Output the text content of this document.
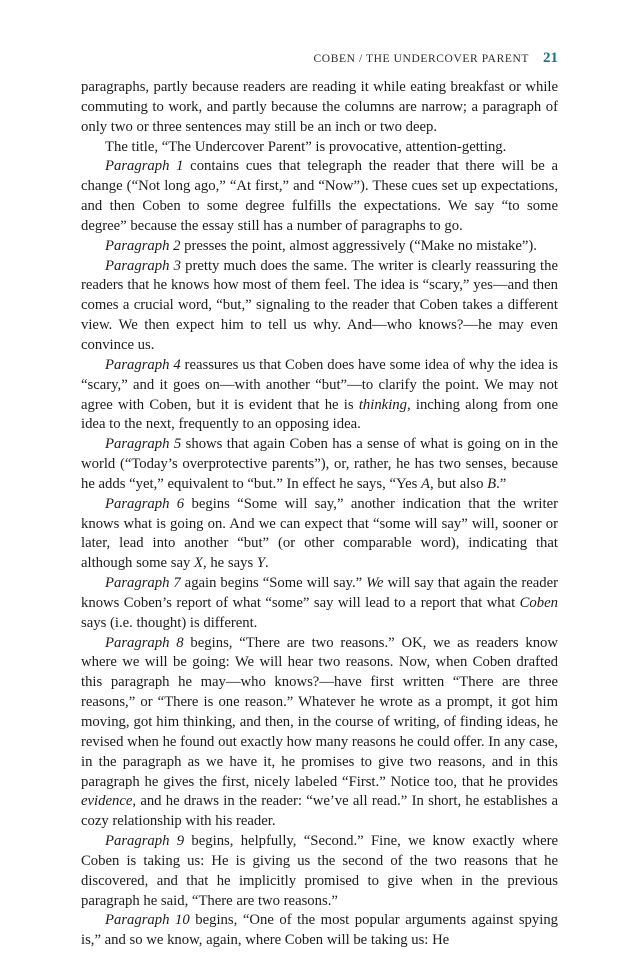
COBEN / THE UNDERCOVER PARENT 21

paragraphs, partly because readers are reading it while eating breakfast or while commuting to work, and partly because the columns are narrow; a paragraph of only two or three sentences may still be an inch or two deep.

The title, “The Undercover Parent” is provocative, attention-getting.

Paragraph 1 contains cues that telegraph the reader that there will be a change (“Not long ago,” “At first,” and “Now”). These cues set up expectations, and then Coben to some degree fulfills the expectations. We say “to some degree” because the essay still has a number of paragraphs to go.

Paragraph 2 presses the point, almost aggressively (“Make no mistake”).

Paragraph 3 pretty much does the same. The writer is clearly reassuring the readers that he knows how most of them feel. The idea is “scary,” yes—and then comes a crucial word, “but,” signaling to the reader that Coben takes a different view. We then expect him to tell us why. And—who knows?—he may even convince us.

Paragraph 4 reassures us that Coben does have some idea of why the idea is “scary,” and it goes on—with another “but”—to clarify the point. We may not agree with Coben, but it is evident that he is thinking, inching along from one idea to the next, frequently to an opposing idea.

Paragraph 5 shows that again Coben has a sense of what is going on in the world (“Today’s overprotective parents”), or, rather, he has two senses, because he adds “yet,” equivalent to “but.” In effect he says, “Yes A, but also B.”

Paragraph 6 begins “Some will say,” another indication that the writer knows what is going on. And we can expect that “some will say” will, sooner or later, lead into another “but” (or other comparable word), indicating that although some say X, he says Y.

Paragraph 7 again begins “Some will say.” We will say that again the reader knows Coben’s report of what “some” say will lead to a report that what Coben says (i.e. thought) is different.

Paragraph 8 begins, “There are two reasons.” OK, we as readers know where we will be going: We will hear two reasons. Now, when Coben drafted this paragraph he may—who knows?—have first written “There are three reasons,” or “There is one reason.” Whatever he wrote as a prompt, it got him moving, got him thinking, and then, in the course of writing, of finding ideas, he revised when he found out exactly how many reasons he could offer. In any case, in the paragraph as we have it, he promises to give two reasons, and in this paragraph he gives the first, nicely labeled “First.” Notice too, that he provides evidence, and he draws in the reader: “we’ve all read.” In short, he establishes a cozy relationship with his reader.

Paragraph 9 begins, helpfully, “Second.” Fine, we know exactly where Coben is taking us: He is giving us the second of the two reasons that he discovered, and that he implicitly promised to give when in the previous paragraph he said, “There are two reasons.”

Paragraph 10 begins, “One of the most popular arguments against spying is,” and so we know, again, where Coben will be taking us: He
